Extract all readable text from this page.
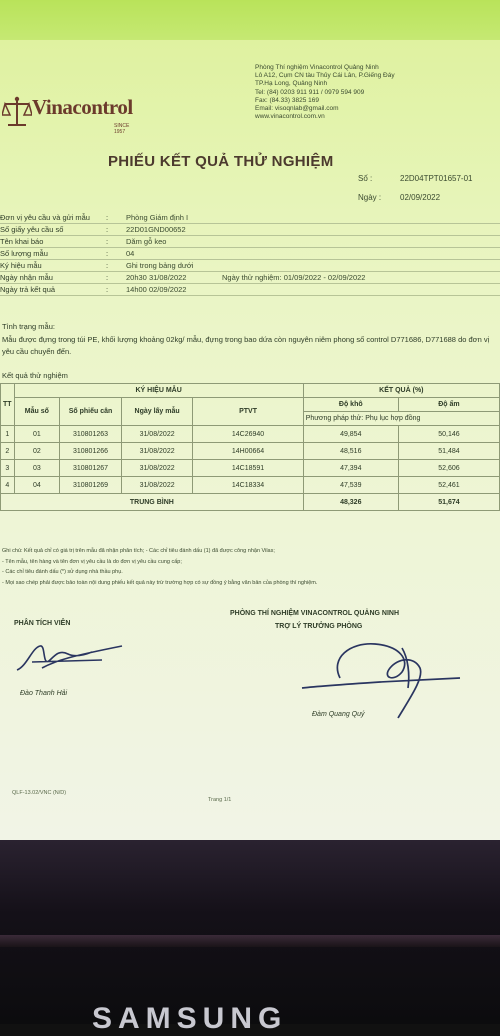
Vinacontrol
SINCE 1957
Phòng Thí nghiệm Vinacontrol Quảng Ninh
Lô A12, Cụm CN tàu Thủy Cái Lân, P.Giếng Đáy
TP.Hạ Long, Quảng Ninh
Tel: (84) 0203 911 911 / 0979 594 909
Fax: (84.33) 3825 169
Email: visoqnlab@gmail.com
www.vinacontrol.com.vn
PHIẾU KẾT QUẢ THỬ NGHIỆM
Số :	22D04TPT01657-01
Ngày : 02/09/2022
Đơn vị yêu cầu và gửi mẫu : Phòng Giám định I
Số giấy yêu cầu số	: 22D01GND00652
Tên khai báo	: Dăm gỗ keo
Số lượng mẫu	: 04
Ký hiệu mẫu	: Ghi trong bảng dưới
Ngày nhận mẫu	: 20h30 31/08/2022	Ngày thử nghiệm: 01/09/2022 - 02/09/2022
Ngày trả kết quả	: 14h00 02/09/2022
Tình trạng mẫu:
Mẫu được đựng trong túi PE, khối lượng khoảng 02kg/ mẫu, đựng trong bao dứa còn nguyên niêm phong số control D771686, D771688 do đơn vị yêu cầu chuyển đến.
Kết quả thử nghiệm
TT	KÝ HIỆU MẪU				KẾT QUẢ (%)	
	Mẫu số	Số phiếu cân	Ngày lấy mẫu	PTVT	Độ khô	Độ ẩm
					Phương pháp thử: Phụ lục hợp đồng	
1	01	310801263	31/08/2022	14C26940	49,854	50,146
2	02	310801266	31/08/2022	14H00664	48,516	51,484
3	03	310801267	31/08/2022	14C18591	47,394	52,606
4	04	310801269	31/08/2022	14C18334	47,539	52,461
TRUNG BÌNH					48,326	51,674
Ghi chú: Kết quả chỉ có giá trị trên mẫu đã nhận phân tích; - Các chỉ tiêu đánh dấu (1) đã được công nhận Vilas;
- Tên mẫu, tên hàng và tên đơn vị yêu cầu là do đơn vị yêu cầu cung cấp;
- Các chỉ tiêu đánh dấu (*) sử dụng nhà thầu phụ.
- Mọi sao chép phải được bảo toàn nội dung phiếu kết quả này trừ trường hợp có sự đồng ý bằng văn bản của phòng thí nghiệm.
PHÂN TÍCH VIÊN
PHÒNG THÍ NGHIỆM VINACONTROL QUẢNG NINH
TRỢ LÝ TRƯỞNG PHÒNG
Đào Thanh Hải
Đàm Quang Quý
QLF-13.02/VNC (N/D)
Trang 1/1
SAMSUNG
